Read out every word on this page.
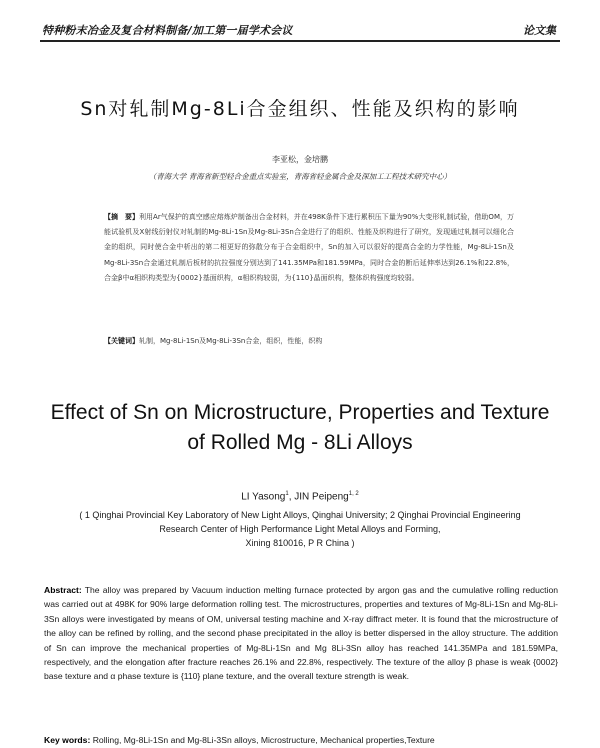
特种粉末冶金及复合材料制备/加工第一届学术会议	论文集
Sn对轧制Mg-8Li合金组织、性能及织构的影响
李亚松，金培鹏
（青海大学 青海省新型轻合金重点实验室，青海省轻金属合金及深加工工程技术研究中心）
【摘　要】利用Ar气保护的真空感应熔炼炉制备出合金材料，并在498K条件下进行累积压下量为90%大变形轧制试验，借助OM，万能试验机及X射线衍射仪对轧制的Mg-8Li-1Sn及Mg-8Li-3Sn合金进行了的组织、性能及织构进行了研究，发现通过轧制可以细化合金的组织，同时使合金中析出的第二相更好的弥散分布于合金组织中，Sn的加入可以很好的提高合金的力学性能，Mg-8Li-1Sn及Mg-8Li-3Sn合金通过轧制后板材的抗拉强度分别达到了141.35MPa和181.59MPa，同时合金的断后延伸率达到26.1%和22.8%，合金β中α相织构类型为{0002}基面织构，α相织构较弱，为{110}晶面织构，整体织构强度均较弱。
【关键词】轧制，Mg-8Li-1Sn及Mg-8Li-3Sn合金，组织，性能，织构
Effect of Sn on Microstructure, Properties and Texture
of Rolled Mg - 8Li Alloys
LI Yasong$^1$, JIN Peipeng$^{1, 2}$
( 1 Qinghai Provincial Key Laboratory of New Light Alloys, Qinghai University; 2 Qinghai Provincial Engineering
Research Center of High Performance Light Metal Alloys and Forming,
Xining 810016, P R China )
Abstract: The alloy was prepared by Vacuum induction melting furnace protected by argon gas and the cumulative rolling reduction was carried out at 498K for 90% large deformation rolling test. The microstructures, properties and textures of Mg-8Li-1Sn and Mg-8Li-3Sn alloys were investigated by means of OM, universal testing machine and X-ray diffract meter. It is found that the microstructure of the alloy can be refined by rolling, and the second phase precipitated in the alloy is better dispersed in the alloy structure. The addition of Sn can improve the mechanical properties of Mg-8Li-1Sn and Mg 8Li-3Sn alloy has reached 141.35MPa and 181.59MPa, respectively, and the elongation after fracture reaches 26.1% and 22.8%, respectively. The texture of the alloy β phase is weak {0002} base texture and α phase texture is {110} plane texture, and the overall texture strength is weak.
Key words: Rolling, Mg-8Li-1Sn and Mg-8Li-3Sn alloys, Microstructure, Mechanical properties,Texture
